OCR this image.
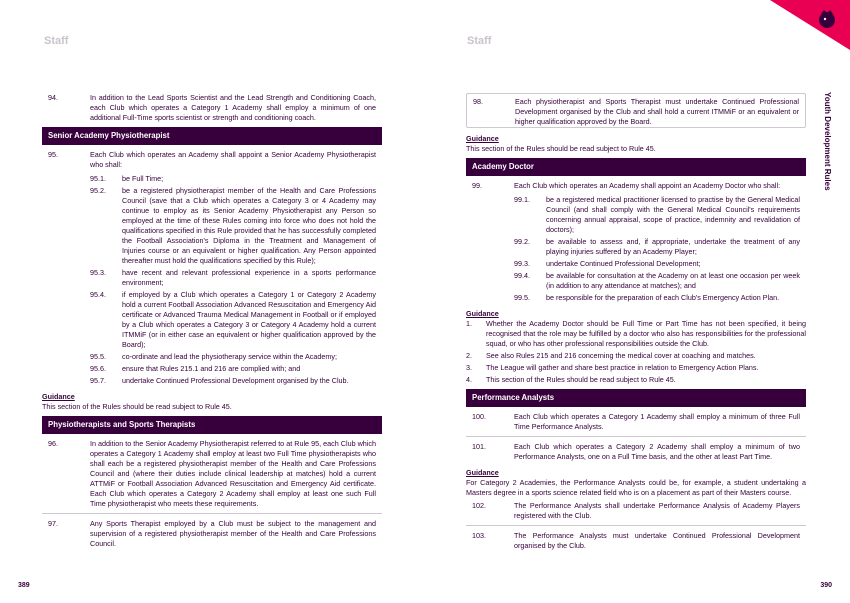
Staff	Staff
Youth Development Rules
94.	In addition to the Lead Sports Scientist and the Lead Strength and Conditioning Coach, each Club which operates a Category 1 Academy shall employ a minimum of one additional Full-Time sports scientist or strength and conditioning coach.
Senior Academy Physiotherapist
95.	Each Club which operates an Academy shall appoint a Senior Academy Physiotherapist who shall:
95.1.	be Full Time;
95.2.	be a registered physiotherapist member of the Health and Care Professions Council (save that a Club which operates a Category 3 or 4 Academy may continue to employ as its Senior Academy Physiotherapist any Person so employed at the time of these Rules coming into force who does not hold the qualifications specified in this Rule provided that he has successfully completed the Football Association's Diploma in the Treatment and Management of Injuries course or an equivalent or higher qualification. Any Person appointed thereafter must hold the qualifications specified by this Rule);
95.3.	have recent and relevant professional experience in a sports performance environment;
95.4.	if employed by a Club which operates a Category 1 or Category 2 Academy hold a current Football Association Advanced Resuscitation and Emergency Aid certificate or Advanced Trauma Medical Management in Football or if employed by a Club which operates a Category 3 or Category 4 Academy hold a current ITMMiF (or in either case an equivalent or higher qualification approved by the Board);
95.5.	co-ordinate and lead the physiotherapy service within the Academy;
95.6.	ensure that Rules 215.1 and 216 are complied with; and
95.7.	undertake Continued Professional Development organised by the Club.
Guidance
This section of the Rules should be read subject to Rule 45.
Physiotherapists and Sports Therapists
96.	In addition to the Senior Academy Physiotherapist referred to at Rule 95, each Club which operates a Category 1 Academy shall employ at least two Full Time physiotherapists who shall each be a registered physiotherapist member of the Health and Care Professions Council and (where their duties include clinical leadership at matches) hold a current ATTMiF or Football Association Advanced Resuscitation and Emergency Aid certificate. Each Club which operates a Category 2 Academy shall employ at least one such Full Time physiotherapist who meets these requirements.
97.	Any Sports Therapist employed by a Club must be subject to the management and supervision of a registered physiotherapist member of the Health and Care Professions Council.
98.	Each physiotherapist and Sports Therapist must undertake Continued Professional Development organised by the Club and shall hold a current ITMMiF or an equivalent or higher qualification approved by the Board.
Guidance
This section of the Rules should be read subject to Rule 45.
Academy Doctor
99.	Each Club which operates an Academy shall appoint an Academy Doctor who shall:
99.1.	be a registered medical practitioner licensed to practise by the General Medical Council (and shall comply with the General Medical Council's requirements concerning annual appraisal, scope of practice, indemnity and revalidation of doctors);
99.2.	be available to assess and, if appropriate, undertake the treatment of any playing injuries suffered by an Academy Player;
99.3.	undertake Continued Professional Development;
99.4.	be available for consultation at the Academy on at least one occasion per week (in addition to any attendance at matches); and
99.5.	be responsible for the preparation of each Club's Emergency Action Plan.
Guidance
1.	Whether the Academy Doctor should be Full Time or Part Time has not been specified, it being recognised that the role may be fulfilled by a doctor who also has responsibilities for the professional squad, or who has other professional responsibilities outside the Club.
2.	See also Rules 215 and 216 concerning the medical cover at coaching and matches.
3.	The League will gather and share best practice in relation to Emergency Action Plans.
4.	This section of the Rules should be read subject to Rule 45.
Performance Analysts
100.	Each Club which operates a Category 1 Academy shall employ a minimum of three Full Time Performance Analysts.
101.	Each Club which operates a Category 2 Academy shall employ a minimum of two Performance Analysts, one on a Full Time basis, and the other at least Part Time.
Guidance
For Category 2 Academies, the Performance Analysts could be, for example, a student undertaking a Masters degree in a sports science related field who is on a placement as part of their Masters course.
102.	The Performance Analysts shall undertake Performance Analysis of Academy Players registered with the Club.
103.	The Performance Analysts must undertake Continued Professional Development organised by the Club.
389	390
